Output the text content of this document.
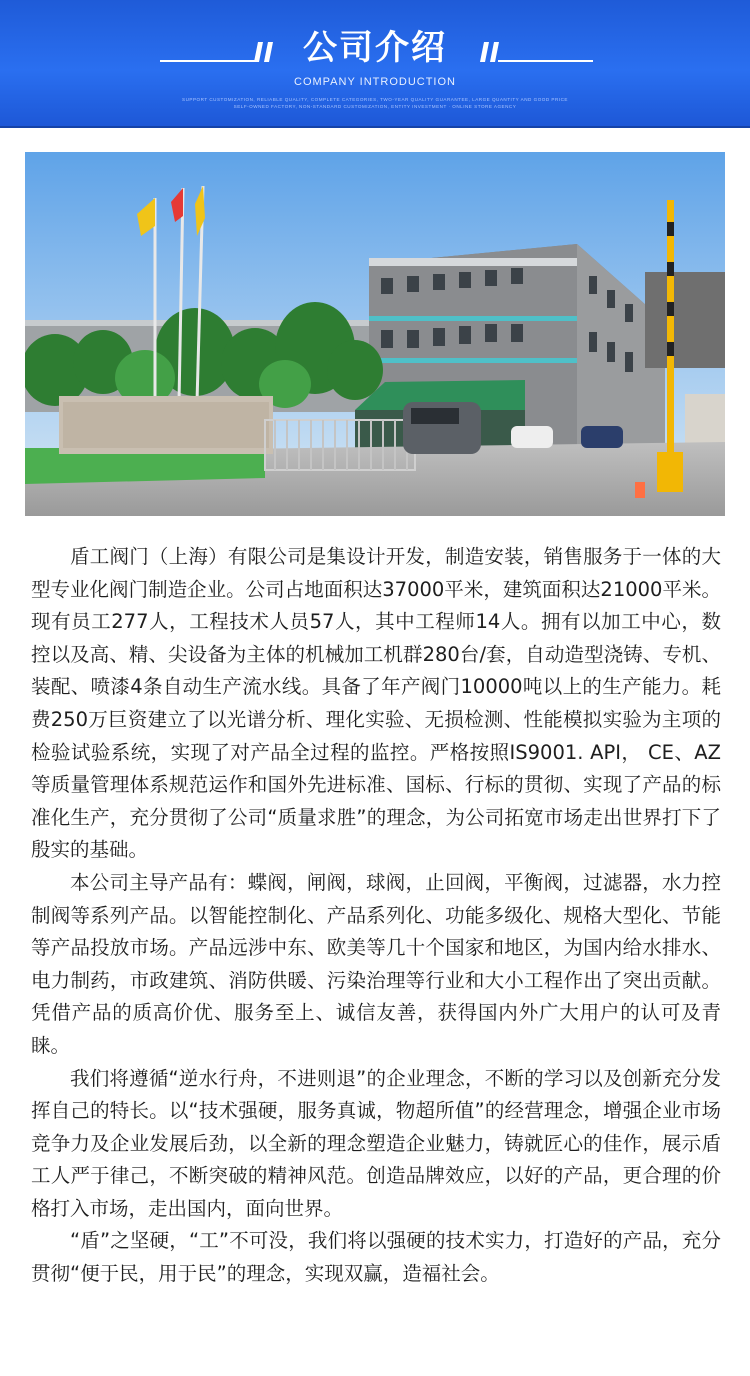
公司介绍
COMPANY INTRODUCTION
SUPPORT CUSTOMIZATION, RELIABLE QUALITY, COMPLETE CATEGORIES, TWO-YEAR QUALITY GUARANTEE, LARGE QUANTITY AND GOOD PRICE
SELF-OWNED FACTORY, NON-STANDARD CUSTOMIZATION, ENTITY INVESTMENT · ONLINE STORE AGENCY

盾工阀门（上海）有限公司是集设计开发，制造安装，销售服务于一体的大型专业化阀门制造企业。公司占地面积达37000平米，建筑面积达21000平米。现有员工277人，工程技术人员57人，其中工程师14人。拥有以加工中心，数控以及高、精、尖设备为主体的机械加工机群280台/套，自动造型浇铸、专机、装配、喷漆4条自动生产流水线。具备了年产阀门10000吨以上的生产能力。耗费250万巨资建立了以光谱分析、理化实验、无损检测、性能模拟实验为主项的检验试验系统，实现了对产品全过程的监控。严格按照IS9001. API， CE、AZ等质量管理体系规范运作和国外先进标准、国标、行标的贯彻、实现了产品的标准化生产，充分贯彻了公司“质量求胜”的理念，为公司拓宽市场走出世界打下了殷实的基础。

本公司主导产品有：蝶阀，闸阀，球阀，止回阀，平衡阀，过滤器，水力控制阀等系列产品。以智能控制化、产品系列化、功能多级化、规格大型化、节能等产品投放市场。产品远涉中东、欧美等几十个国家和地区，为国内给水排水、电力制药，市政建筑、消防供暖、污染治理等行业和大小工程作出了突出贡献。凭借产品的质高价优、服务至上、诚信友善，获得国内外广大用户的认可及青睐。

我们将遵循“逆水行舟，不进则退”的企业理念，不断的学习以及创新充分发挥自己的特长。以“技术强硬，服务真诚，物超所值”的经营理念，增强企业市场竞争力及企业发展后劲，以全新的理念塑造企业魅力，铸就匠心的佳作，展示盾工人严于律己，不断突破的精神风范。创造品牌效应，以好的产品，更合理的价格打入市场，走出国内，面向世界。

“盾”之坚硬，“工”不可没，我们将以强硬的技术实力，打造好的产品，充分贯彻“便于民，用于民”的理念，实现双赢，造福社会。
